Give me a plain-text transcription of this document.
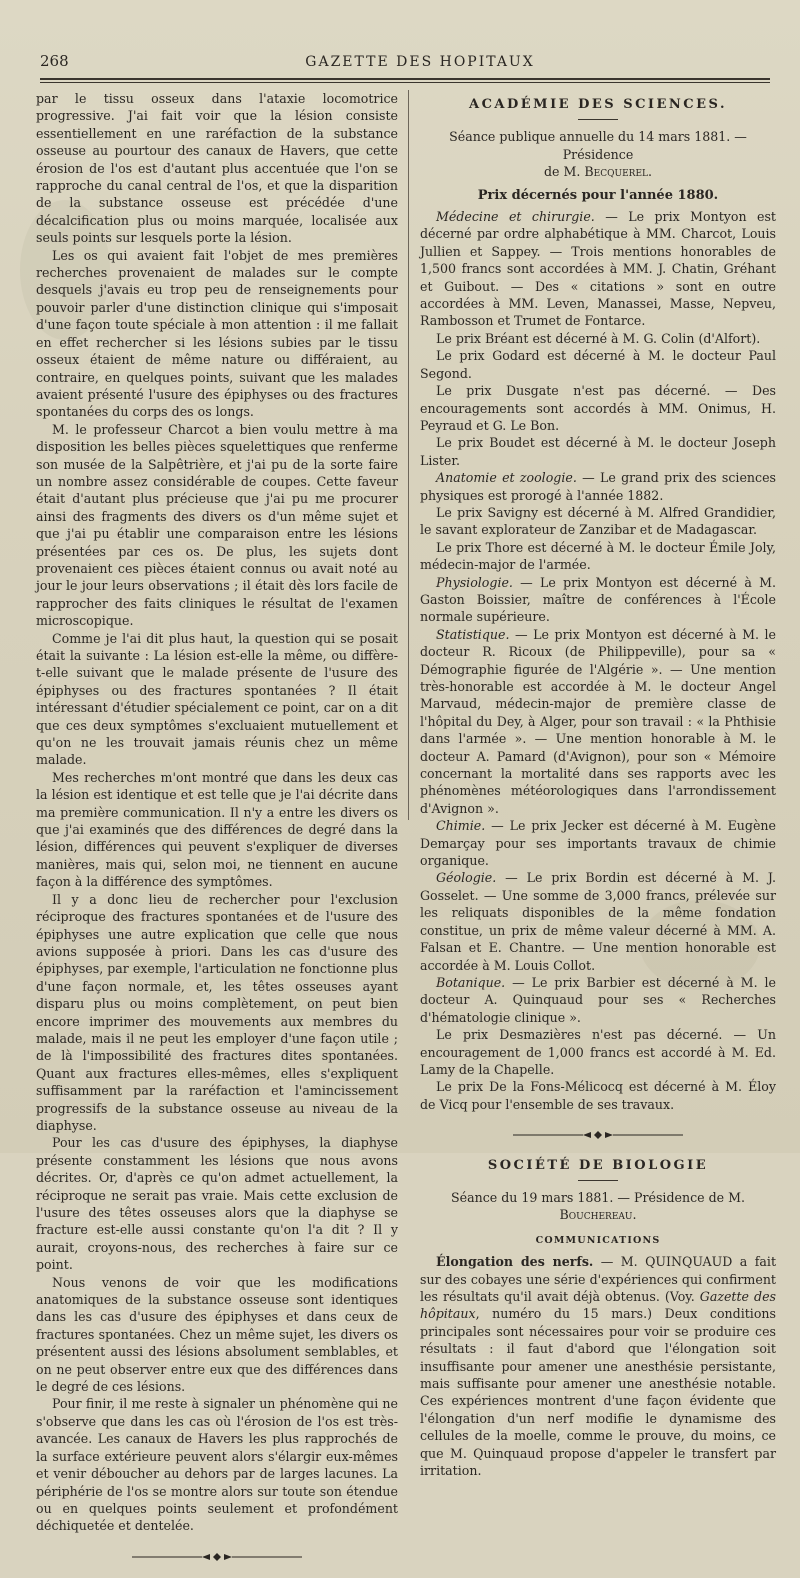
268	GAZETTE DES HOPITAUX

par le tissu osseux dans l'ataxie locomotrice progressive. J'ai fait voir que la lésion consiste essentiellement en une raréfaction de la substance osseuse au pourtour des canaux de Havers, que cette érosion de l'os est d'autant plus accentuée que l'on se rapproche du canal central de l'os, et que la disparition de la substance osseuse est précédée d'une décalcification plus ou moins marquée, localisée aux seuls points sur lesquels porte la lésion.

Les os qui avaient fait l'objet de mes premières recherches provenaient de malades sur le compte desquels j'avais eu trop peu de renseignements pour pouvoir parler d'une distinction clinique qui s'imposait d'une façon toute spéciale à mon attention : il me fallait en effet rechercher si les lésions subies par le tissu osseux étaient de même nature ou différaient, au contraire, en quelques points, suivant que les malades avaient présenté l'usure des épiphyses ou des fractures spontanées du corps des os longs.

M. le professeur Charcot a bien voulu mettre à ma disposition les belles pièces squelettiques que renferme son musée de la Salpêtrière, et j'ai pu de la sorte faire un nombre assez considérable de coupes. Cette faveur était d'autant plus précieuse que j'ai pu me procurer ainsi des fragments des divers os d'un même sujet et que j'ai pu établir une comparaison entre les lésions présentées par ces os. De plus, les sujets dont provenaient ces pièces étaient connus ou avait noté au jour le jour leurs observations ; il était dès lors facile de rapprocher des faits cliniques le résultat de l'examen microscopique.

Comme je l'ai dit plus haut, la question qui se posait était la suivante : La lésion est-elle la même, ou diffère-t-elle suivant que le malade présente de l'usure des épiphyses ou des fractures spontanées ? Il était intéressant d'étudier spécialement ce point, car on a dit que ces deux symptômes s'excluaient mutuellement et qu'on ne les trouvait jamais réunis chez un même malade.

Mes recherches m'ont montré que dans les deux cas la lésion est identique et est telle que je l'ai décrite dans ma première communication. Il n'y a entre les divers os que j'ai examinés que des différences de degré dans la lésion, différences qui peuvent s'expliquer de diverses manières, mais qui, selon moi, ne tiennent en aucune façon à la différence des symptômes.

Il y a donc lieu de rechercher pour l'exclusion réciproque des fractures spontanées et de l'usure des épiphyses une autre explication que celle que nous avions supposée à priori. Dans les cas d'usure des épiphyses, par exemple, l'articulation ne fonctionne plus d'une façon normale, et, les têtes osseuses ayant disparu plus ou moins complètement, on peut bien encore imprimer des mouvements aux membres du malade, mais il ne peut les employer d'une façon utile ; de là l'impossibilité des fractures dites spontanées. Quant aux fractures elles-mêmes, elles s'expliquent suffisamment par la raréfaction et l'amincissement progressifs de la substance osseuse au niveau de la diaphyse.

Pour les cas d'usure des épiphyses, la diaphyse présente constamment les lésions que nous avons décrites. Or, d'après ce qu'on admet actuellement, la réciproque ne serait pas vraie. Mais cette exclusion de l'usure des têtes osseuses alors que la diaphyse se fracture est-elle aussi constante qu'on l'a dit ? Il y aurait, croyons-nous, des recherches à faire sur ce point.

Nous venons de voir que les modifications anatomiques de la substance osseuse sont identiques dans les cas d'usure des épiphyses et dans ceux de fractures spontanées. Chez un même sujet, les divers os présentent aussi des lésions absolument semblables, et on ne peut observer entre eux que des différences dans le degré de ces lésions.

Pour finir, il me reste à signaler un phénomène qui ne s'observe que dans les cas où l'érosion de l'os est très-avancée. Les canaux de Havers les plus rapprochés de la surface extérieure peuvent alors s'élargir eux-mêmes et venir déboucher au dehors par de larges lacunes. La périphérie de l'os se montre alors sur toute son étendue ou en quelques points seulement et profondément déchiquetée et dentelée.

ACADÉMIE DES SCIENCES.

Séance publique annuelle du 14 mars 1881. — Présidence

de M. Becquerel.

Prix décernés pour l'année 1880.

Médecine et chirurgie. — Le prix Montyon est décerné par ordre alphabétique à MM. Charcot, Louis Jullien et Sappey. — Trois mentions honorables de 1,500 francs sont accordées à MM. J. Chatin, Gréhant et Guibout. — Des « citations » sont en outre accordées à MM. Leven, Manassei, Masse, Nepveu, Rambosson et Trumet de Fontarce.

Le prix Bréant est décerné à M. G. Colin (d'Alfort).

Le prix Godard est décerné à M. le docteur Paul Segond.

Le prix Dusgate n'est pas décerné. — Des encouragements sont accordés à MM. Onimus, H. Peyraud et G. Le Bon.

Le prix Boudet est décerné à M. le docteur Joseph Lister.

Anatomie et zoologie. — Le grand prix des sciences physiques est prorogé à l'année 1882.

Le prix Savigny est décerné à M. Alfred Grandidier, le savant explorateur de Zanzibar et de Madagascar.

Le prix Thore est décerné à M. le docteur Émile Joly, médecin-major de l'armée.

Physiologie. — Le prix Montyon est décerné à M. Gaston Boissier, maître de conférences à l'École normale supérieure.

Statistique. — Le prix Montyon est décerné à M. le docteur R. Ricoux (de Philippeville), pour sa « Démographie figurée de l'Algérie ». — Une mention très-honorable est accordée à M. le docteur Angel Marvaud, médecin-major de première classe de l'hôpital du Dey, à Alger, pour son travail : « la Phthisie dans l'armée ». — Une mention honorable à M. le docteur A. Pamard (d'Avignon), pour son « Mémoire concernant la mortalité dans ses rapports avec les phénomènes météorologiques dans l'arrondissement d'Avignon ».

Chimie. — Le prix Jecker est décerné à M. Eugène Demarçay pour ses importants travaux de chimie organique.

Géologie. — Le prix Bordin est décerné à M. J. Gosselet. — Une somme de 3,000 francs, prélevée sur les reliquats disponibles de la même fondation constitue, un prix de même valeur décerné à MM. A. Falsan et E. Chantre. — Une mention honorable est accordée à M. Louis Collot.

Botanique. — Le prix Barbier est décerné à M. le docteur A. Quinquaud pour ses « Recherches d'hématologie clinique ».

Le prix Desmazières n'est pas décerné. — Un encouragement de 1,000 francs est accordé à M. Ed. Lamy de la Chapelle.

Le prix De la Fons-Mélicocq est décerné à M. Éloy de Vicq pour l'ensemble de ses travaux.

SOCIÉTÉ DE BIOLOGIE

Séance du 19 mars 1881. — Présidence de M. Bouchereau.

COMMUNICATIONS

Élongation des nerfs. — M. QUINQUAUD a fait sur des cobayes une série d'expériences qui confirment les résultats qu'il avait déjà obtenus. (Voy. Gazette des hôpitaux, numéro du 15 mars.) Deux conditions principales sont nécessaires pour voir se produire ces résultats : il faut d'abord que l'élongation soit insuffisante pour amener une anesthésie persistante, mais suffisante pour amener une anesthésie notable. Ces expériences montrent d'une façon évidente que l'élongation d'un nerf modifie le dynamisme des cellules de la moelle, comme le prouve, du moins, ce que M. Quinquaud propose d'appeler le transfert par irritation.
